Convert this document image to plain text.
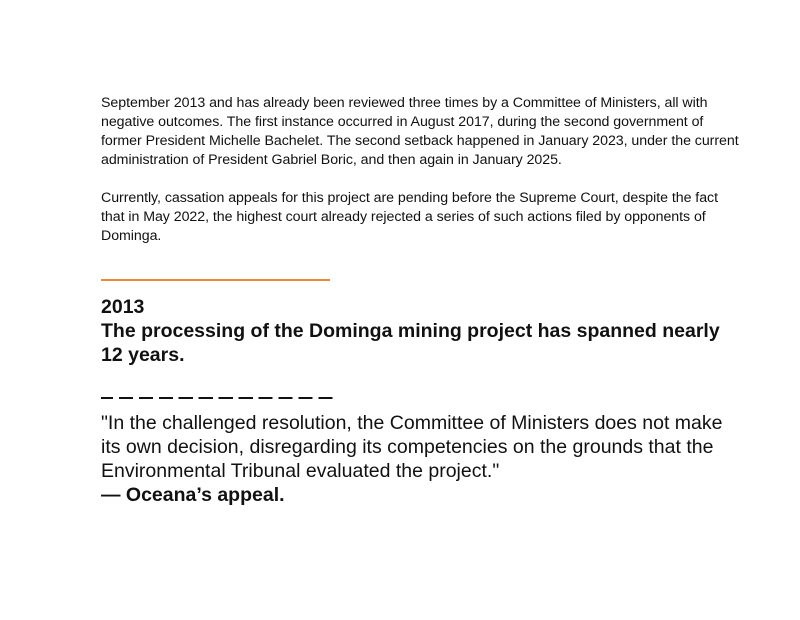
September 2013 and has already been reviewed three times by a Committee of Ministers, all with negative outcomes. The first instance occurred in August 2017, during the second government of former President Michelle Bachelet. The second setback happened in January 2023, under the current administration of President Gabriel Boric, and then again in January 2025.

Currently, cassation appeals for this project are pending before the Supreme Court, despite the fact that in May 2022, the highest court already rejected a series of such actions filed by opponents of Dominga.

2013
The processing of the Dominga mining project has spanned nearly 12 years.
"In the challenged resolution, the Committee of Ministers does not make its own decision, disregarding its competencies on the grounds that the Environmental Tribunal evaluated the project."
— Oceana’s appeal.
